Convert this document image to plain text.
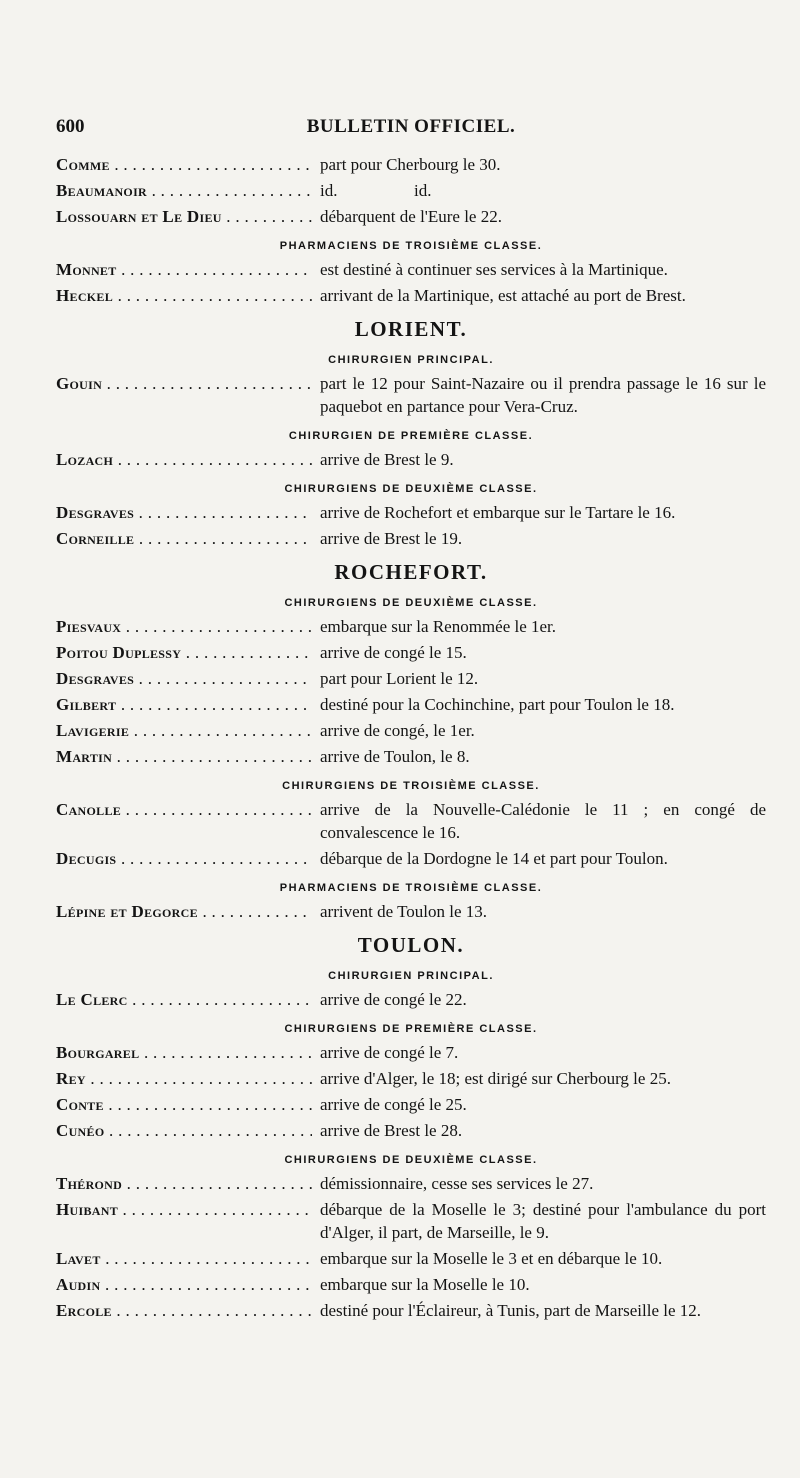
600	BULLETIN OFFICIEL.
Comme . . .	part pour Cherbourg le 30.
Beaumanoir . . .	id.                  id.
Lossouarn et Le Dieu . . .	débarquent de l'Eure le 22.
PHARMACIENS DE TROISIÈME CLASSE.
Monnet . . .	est destiné à continuer ses services à la Martinique.
Heckel . . .	arrivant de la Martinique, est attaché au port de Brest.
LORIENT.
CHIRURGIEN PRINCIPAL.
Gouin . . .	part le 12 pour Saint-Nazaire ou il prendra passage le 16 sur le paquebot en partance pour Vera-Cruz.
CHIRURGIEN DE PREMIÈRE CLASSE.
Lozach . . .	arrive de Brest le 9.
CHIRURGIENS DE DEUXIÈME CLASSE.
Desgraves . . .	arrive de Rochefort et embarque sur le Tartare le 16.
Corneille . . .	arrive de Brest le 19.
ROCHEFORT.
CHIRURGIENS DE DEUXIÈME CLASSE.
Piesvaux . . .	embarque sur la Renommée le 1er.
Poitou Duplessy . . .	arrive de congé le 15.
Desgraves . . .	part pour Lorient le 12.
Gilbert . . .	destiné pour la Cochinchine, part pour Toulon le 18.
Lavigerie . . .	arrive de congé, le 1er.
Martin . . .	arrive de Toulon, le 8.
CHIRURGIENS DE TROISIÈME CLASSE.
Canolle . . .	arrive de la Nouvelle-Calédonie le 11 ; en congé de convalescence le 16.
Decugis . . .	débarque de la Dordogne le 14 et part pour Toulon.
PHARMACIENS DE TROISIÈME CLASSE.
Lépine et Degorce . . .	arrivent de Toulon le 13.
TOULON.
CHIRURGIEN PRINCIPAL.
Le Clerc . . .	arrive de congé le 22.
CHIRURGIENS DE PREMIÈRE CLASSE.
Bourgarel . . .	arrive de congé le 7.
Rey . . .	arrive d'Alger, le 18; est dirigé sur Cherbourg le 25.
Conte . . .	arrive de congé le 25.
Cunéo . . .	arrive de Brest le 28.
CHIRURGIENS DE DEUXIÈME CLASSE.
Thérond . . .	démissionnaire, cesse ses services le 27.
Huibant . . .	débarque de la Moselle le 3; destiné pour l'ambulance du port d'Alger, il part, de Marseille, le 9.
Lavet . . .	embarque sur la Moselle le 3 et en débarque le 10.
Audin . . .	embarque sur la Moselle le 10.
Ercole . . .	destiné pour l'Éclaireur, à Tunis, part de Marseille le 12.
